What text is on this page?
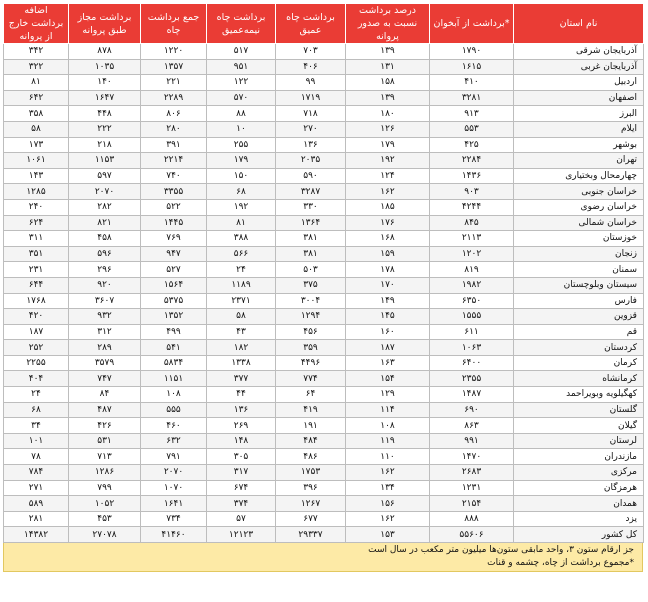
نام استان	*برداشت از آبخوان	درصد برداشت نسبت به صدور پروانه	برداشت چاه عمیق	برداشت چاه نیمه‌عمیق	جمع برداشت چاه	برداشت مجاز طبق پروانه	اضافه برداشت خارج از پروانه
آذربایجان شرقی	۱۷۹۰	۱۳۹	۷۰۳	۵۱۷	۱۲۲۰	۸۷۸	۳۴۲
آذربایجان غربی	۱۶۱۵	۱۳۱	۴۰۶	۹۵۱	۱۳۵۷	۱۰۳۵	۳۲۲
اردبیل	۴۱۰	۱۵۸	۹۹	۱۲۲	۲۲۱	۱۴۰	۸۱
اصفهان	۳۲۸۱	۱۳۹	۱۷۱۹	۵۷۰	۲۲۸۹	۱۶۴۷	۶۴۲
البرز	۹۱۳	۱۸۰	۷۱۸	۸۸	۸۰۶	۴۴۸	۳۵۸
ایلام	۵۵۳	۱۲۶	۲۷۰	۱۰	۲۸۰	۲۲۲	۵۸
بوشهر	۴۲۵	۱۷۹	۱۳۶	۲۵۵	۳۹۱	۲۱۸	۱۷۳
تهران	۲۲۸۴	۱۹۲	۲۰۳۵	۱۷۹	۲۲۱۴	۱۱۵۳	۱۰۶۱
چهارمحال وبختیاری	۱۴۳۶	۱۲۴	۵۹۰	۱۵۰	۷۴۰	۵۹۷	۱۴۳
خراسان جنوبی	۹۰۳	۱۶۲	۳۲۸۷	۶۸	۳۳۵۵	۲۰۷۰	۱۲۸۵
خراسان رضوی	۴۲۴۴	۱۸۵	۳۳۰	۱۹۲	۵۲۲	۲۸۲	۲۴۰
خراسان شمالی	۸۴۵	۱۷۶	۱۳۶۴	۸۱	۱۴۴۵	۸۲۱	۶۲۴
خوزستان	۲۱۱۳	۱۶۸	۳۸۱	۳۸۸	۷۶۹	۴۵۸	۳۱۱
زنجان	۱۲۰۲	۱۵۹	۳۸۱	۵۶۶	۹۴۷	۵۹۶	۳۵۱
سمنان	۸۱۹	۱۷۸	۵۰۳	۲۴	۵۲۷	۲۹۶	۲۳۱
سیستان وبلوچستان	۱۹۸۲	۱۷۰	۳۷۵	۱۱۸۹	۱۵۶۴	۹۲۰	۶۴۴
فارس	۶۳۵۰	۱۴۹	۳۰۰۴	۲۳۷۱	۵۳۷۵	۳۶۰۷	۱۷۶۸
قزوین	۱۵۵۵	۱۴۵	۱۲۹۴	۵۸	۱۳۵۲	۹۳۲	۴۲۰
قم	۶۱۱	۱۶۰	۴۵۶	۴۳	۴۹۹	۳۱۲	۱۸۷
کردستان	۱۰۶۳	۱۸۷	۳۵۹	۱۸۲	۵۴۱	۲۸۹	۲۵۲
کرمان	۶۴۰۰	۱۶۳	۴۴۹۶	۱۳۳۸	۵۸۳۴	۳۵۷۹	۲۲۵۵
کرمانشاه	۲۳۵۵	۱۵۴	۷۷۴	۳۷۷	۱۱۵۱	۷۴۷	۴۰۴
کهگیلویه وبویراحمد	۱۴۸۷	۱۲۹	۶۴	۴۴	۱۰۸	۸۴	۲۴
گلستان	۶۹۰	۱۱۴	۴۱۹	۱۳۶	۵۵۵	۴۸۷	۶۸
گیلان	۸۶۳	۱۰۸	۱۹۱	۲۶۹	۴۶۰	۴۲۶	۳۴
لرستان	۹۹۱	۱۱۹	۴۸۴	۱۴۸	۶۳۲	۵۳۱	۱۰۱
مازندران	۱۴۷۰	۱۱۰	۴۸۶	۳۰۵	۷۹۱	۷۱۳	۷۸
مرکزی	۲۶۸۳	۱۶۲	۱۷۵۳	۳۱۷	۲۰۷۰	۱۲۸۶	۷۸۴
هرمزگان	۱۲۳۱	۱۳۴	۳۹۶	۶۷۴	۱۰۷۰	۷۹۹	۲۷۱
همدان	۲۱۵۴	۱۵۶	۱۲۶۷	۳۷۴	۱۶۴۱	۱۰۵۲	۵۸۹
یزد	۸۸۸	۱۶۲	۶۷۷	۵۷	۷۳۴	۴۵۳	۲۸۱
کل کشور	۵۵۶۰۶	۱۵۳	۲۹۳۳۷	۱۲۱۲۳	۴۱۴۶۰	۲۷۰۷۸	۱۴۳۸۲
جز ارقام ستون ۳، واحد مابقی ستون‌ها میلیون متر مکعب در سال است
*مجموع برداشت از چاه، چشمه و قنات
